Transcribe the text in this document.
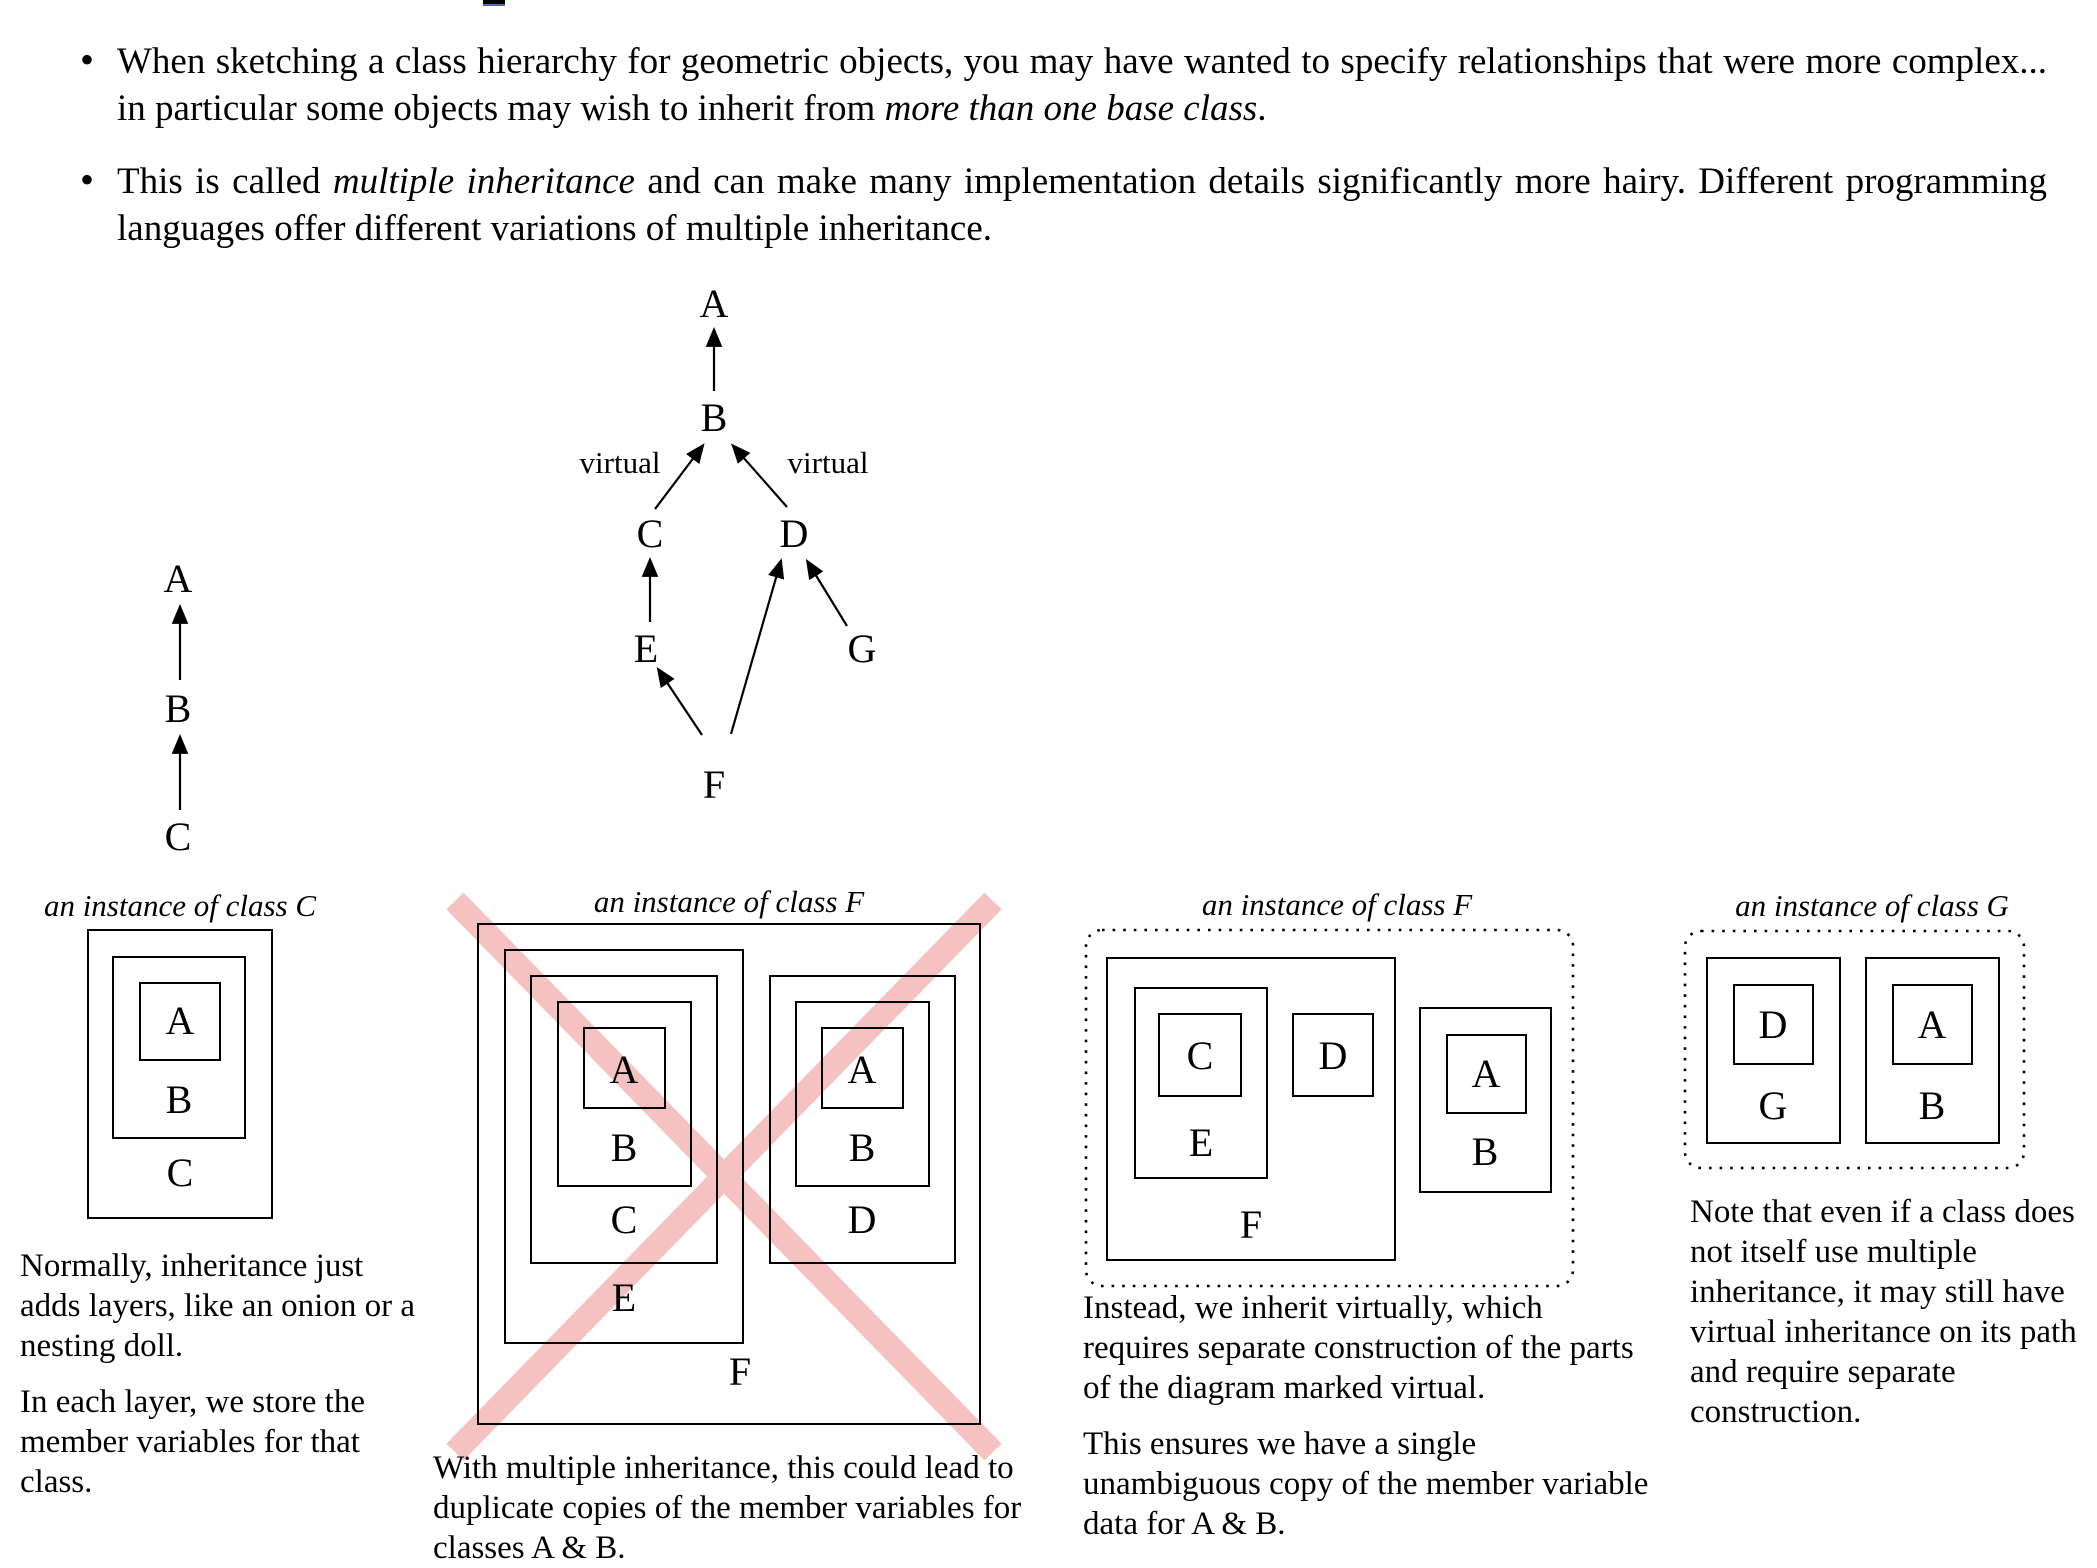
• When sketching a class hierarchy for geometric objects, you may have wanted to specify relationships that were more complex... in particular some objects may wish to inherit from more than one base class.
• This is called multiple inheritance and can make many implementation details significantly more hairy. Different programming languages offer different variations of multiple inheritance.
A
B
C
A
B
virtual	virtual
C	D
E	G
F
an instance of class C
A
B
C

Normally, inheritance just adds layers, like an onion or a nesting doll.

In each layer, we store the member variables for that class.

an instance of class F
A
B
C
E
A
B
D
F

With multiple inheritance, this could lead to duplicate copies of the member variables for classes A & B.

an instance of class F
C	D
E
F
A
B

Instead, we inherit virtually, which requires separate construction of the parts of the diagram marked virtual.

This ensures we have a single unambiguous copy of the member variable data for A & B.

an instance of class G
D
G
A
B

Note that even if a class does not itself use multiple inheritance, it may still have virtual inheritance on its path and require separate construction.
